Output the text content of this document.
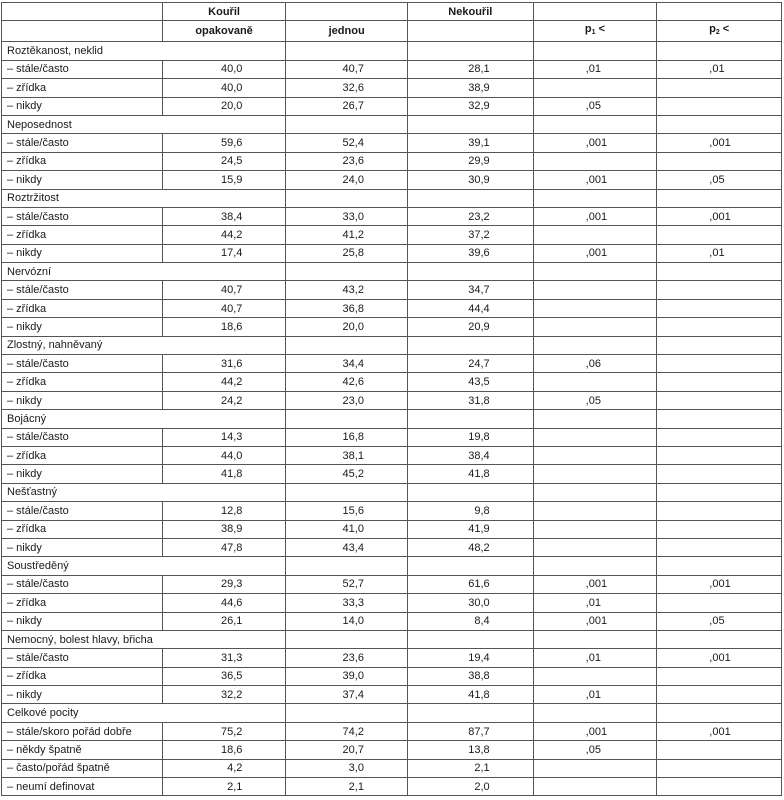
	Kouřil		Nekouřil		
	opakovaně	jednou		$p_1$ <	$p_2$ <
Roztěkanost, neklid					
– stále/často	40,0	40,7	28,1	,01	,01
– zřídka	40,0	32,6	38,9		
– nikdy	20,0	26,7	32,9	,05	
Neposednost					
– stále/často	59,6	52,4	39,1	,001	,001
– zřídka	24,5	23,6	29,9		
– nikdy	15,9	24,0	30,9	,001	,05
Roztržitost					
– stále/často	38,4	33,0	23,2	,001	,001
– zřídka	44,2	41,2	37,2		
– nikdy	17,4	25,8	39,6	,001	,01
Nervózní					
– stále/často	40,7	43,2	34,7		
– zřídka	40,7	36,8	44,4		
– nikdy	18,6	20,0	20,9		
Zlostný, nahněvaný					
– stále/často	31,6	34,4	24,7	,06	
– zřídka	44,2	42,6	43,5		
– nikdy	24,2	23,0	31,8	,05	
Bojácný					
– stále/často	14,3	16,8	19,8		
– zřídka	44,0	38,1	38,4		
– nikdy	41,8	45,2	41,8		
Nešťastný					
– stále/často	12,8	15,6	9,8		
– zřídka	38,9	41,0	41,9		
– nikdy	47,8	43,4	48,2		
Soustředěný					
– stále/často	29,3	52,7	61,6	,001	,001
– zřídka	44,6	33,3	30,0	,01	
– nikdy	26,1	14,0	8,4	,001	,05
Nemocný, bolest hlavy, břicha					
– stále/často	31,3	23,6	19,4	,01	,001
– zřídka	36,5	39,0	38,8		
– nikdy	32,2	37,4	41,8	,01	
Celkové pocity					
– stále/skoro pořád dobře	75,2	74,2	87,7	,001	,001
– někdy špatně	18,6	20,7	13,8	,05	
– často/pořád špatně	4,2	3,0	2,1		
– neumí definovat	2,1	2,1	2,0		
